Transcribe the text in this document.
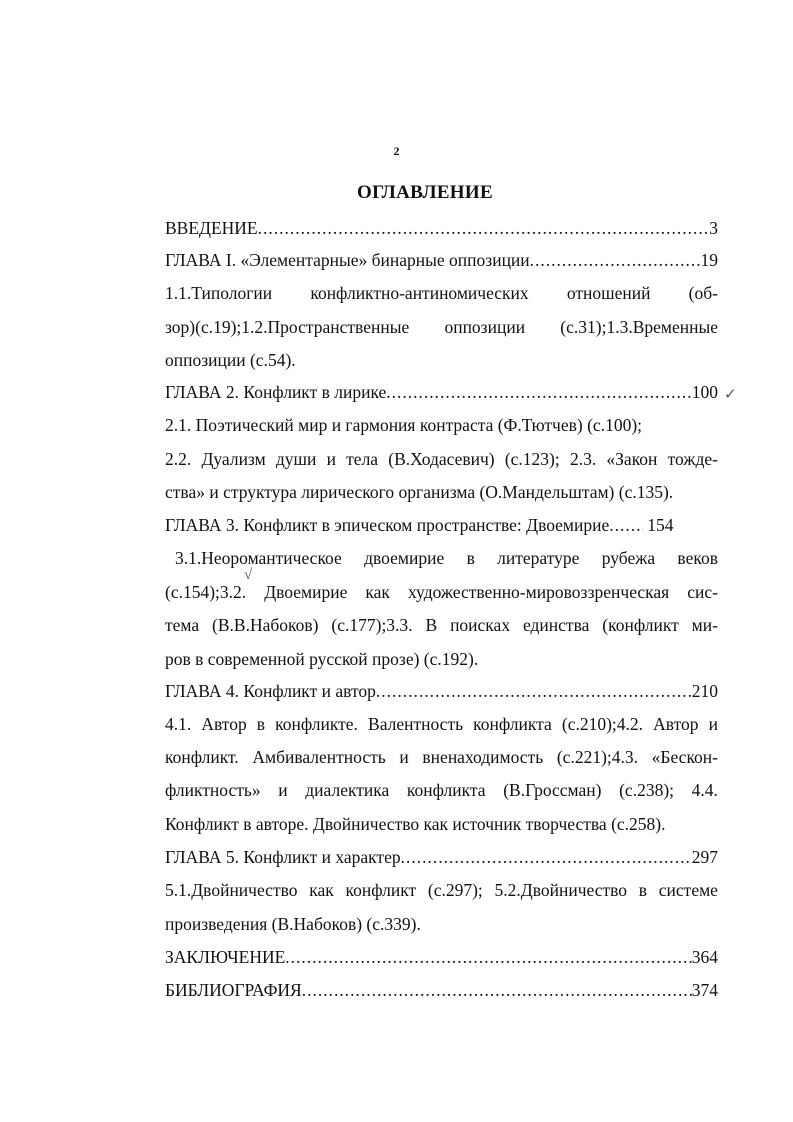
2
ОГЛАВЛЕНИЕ
ВВЕДЕНИЕ .....	3
ГЛАВА I. «Элементарные» бинарные оппозиции .....	19
1.1.Типологии конфликтно-антиномических отношений (об-
зор)(с.19);1.2.Пространственные оппозиции (с.31);1.3.Временные
оппозиции (с.54).
ГЛАВА 2. Конфликт в лирике .....	100 ✓
2.1. Поэтический мир и гармония контраста (Ф.Тютчев) (с.100);
2.2. Дуализм души и тела (В.Ходасевич) (с.123); 2.3. «Закон тожде-
ства» и структура лирического организма (О.Мандельштам) (с.135).
ГЛАВА 3. Конфликт в эпическом пространстве: Двоемирие ..... 154
3.1.Неоромантическое двоемирие в литературе рубежа веков
√
(с.154);3.2. Двоемирие как художественно-мировоззренческая сис-
тема (В.В.Набоков) (с.177);3.3. В поисках единства (конфликт ми-
ров в современной русской прозе) (с.192).
ГЛАВА 4. Конфликт и автор .....	210
4.1. Автор в конфликте. Валентность конфликта (с.210);4.2. Автор и
конфликт. Амбивалентность и вненаходимость (с.221);4.3. «Бескон-
фликтность» и диалектика конфликта (В.Гроссман) (с.238); 4.4.
Конфликт в авторе. Двойничество как источник творчества (с.258).
ГЛАВА 5. Конфликт и характер .....	297
5.1.Двойничество как конфликт (с.297); 5.2.Двойничество в системе
произведения (В.Набоков) (с.339).
ЗАКЛЮЧЕНИЕ .....	364
БИБЛИОГРАФИЯ .....	374
